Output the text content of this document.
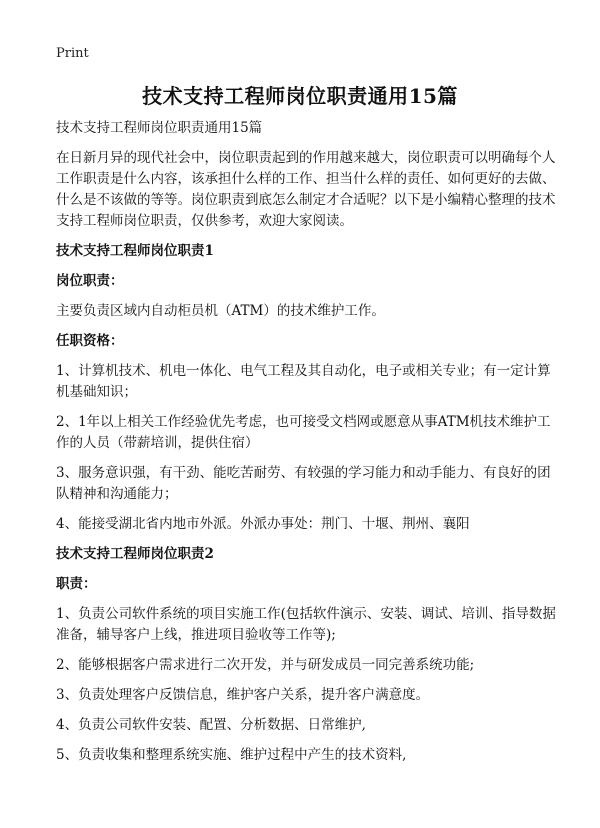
Print
技术支持工程师岗位职责通用15篇

技术支持工程师岗位职责通用15篇

在日新月异的现代社会中，岗位职责起到的作用越来越大，岗位职责可以明确每个人工作职责是什么内容，该承担什么样的工作、担当什么样的责任、如何更好的去做、什么是不该做的等等。岗位职责到底怎么制定才合适呢？以下是小编精心整理的技术支持工程师岗位职责，仅供参考，欢迎大家阅读。

技术支持工程师岗位职责1

岗位职责：

主要负责区域内自动柜员机（ATM）的技术维护工作。

任职资格：

1、计算机技术、机电一体化、电气工程及其自动化，电子或相关专业；有一定计算机基础知识；

2、1年以上相关工作经验优先考虑，也可接受文档网或愿意从事ATM机技术维护工作的人员（带薪培训，提供住宿）

3、服务意识强，有干劲、能吃苦耐劳、有较强的学习能力和动手能力、有良好的团队精神和沟通能力；

4、能接受湖北省内地市外派。外派办事处：荆门、十堰、荆州、襄阳

技术支持工程师岗位职责2

职责：

1、负责公司软件系统的项目实施工作(包括软件演示、安装、调试、培训、指导数据准备，辅导客户上线，推进项目验收等工作等);

2、能够根据客户需求进行二次开发，并与研发成员一同完善系统功能;

3、负责处理客户反馈信息，维护客户关系，提升客户满意度。

4、负责公司软件安装、配置、分析数据、日常维护,

5、负责收集和整理系统实施、维护过程中产生的技术资料,
